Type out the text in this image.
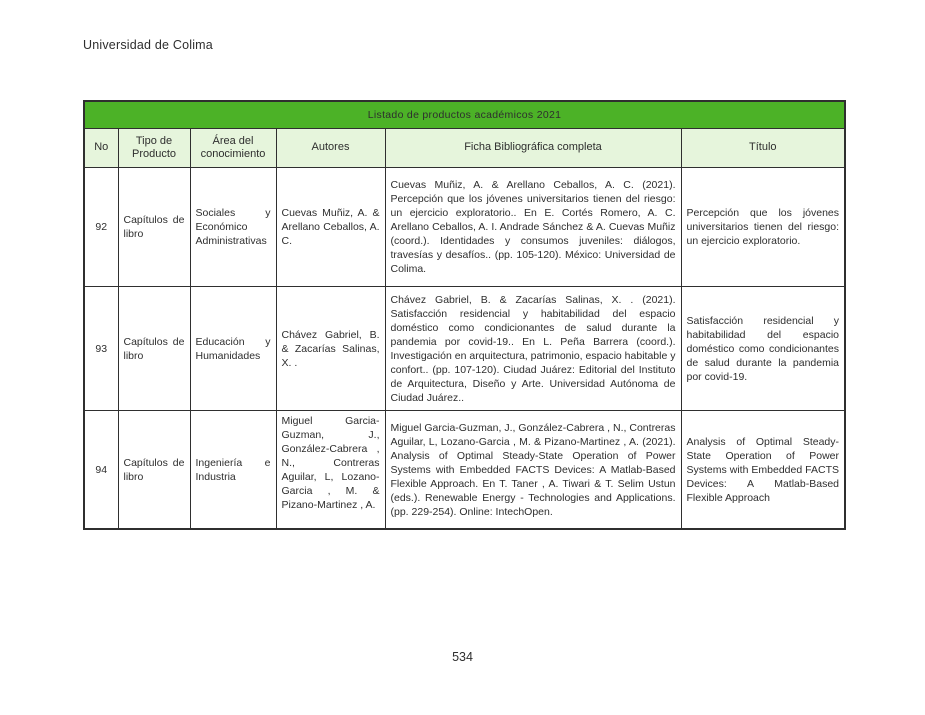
Universidad de Colima
Listado de productos académicos 2021					
No	Tipo de Producto	Área del conocimiento	Autores	Ficha Bibliográfica completa	Título
92	Capítulos de libro	Sociales y Económico Administrativas	Cuevas Muñiz, A. & Arellano Ceballos, A. C.	Cuevas Muñiz, A. & Arellano Ceballos, A. C. (2021). Percepción que los jóvenes universitarios tienen del riesgo: un ejercicio exploratorio.. En E. Cortés Romero, A. C. Arellano Ceballos, A. I. Andrade Sánchez & A. Cuevas Muñiz (coord.). Identidades y consumos juveniles: diálogos, travesías y desafíos.. (pp. 105-120). México: Universidad de Colima.	Percepción que los jóvenes universitarios tienen del riesgo: un ejercicio exploratorio.
93	Capítulos de libro	Educación y Humanidades	Chávez Gabriel, B. & Zacarías Salinas, X. .	Chávez Gabriel, B. & Zacarías Salinas, X. . (2021). Satisfacción residencial y habitabilidad del espacio doméstico como condicionantes de salud durante la pandemia por covid-19.. En L. Peña Barrera (coord.). Investigación en arquitectura, patrimonio, espacio habitable y confort.. (pp. 107-120). Ciudad Juárez: Editorial del Instituto de Arquitectura, Diseño y Arte. Universidad Autónoma de Ciudad Juárez..	Satisfacción residencial y habitabilidad del espacio doméstico como condicionantes de salud durante la pandemia por covid-19.
94	Capítulos de libro	Ingeniería e Industria	Miguel Garcia-Guzman, J., González-Cabrera , N., Contreras Aguilar, L, Lozano-Garcia , M. & Pizano-Martinez , A.	Miguel Garcia-Guzman, J., González-Cabrera , N., Contreras Aguilar, L, Lozano-Garcia , M. & Pizano-Martinez , A. (2021). Analysis of Optimal Steady-State Operation of Power Systems with Embedded FACTS Devices: A Matlab-Based Flexible Approach. En T. Taner , A. Tiwari & T. Selim Ustun (eds.). Renewable Energy - Technologies and Applications. (pp. 229-254). Online: IntechOpen.	Analysis of Optimal Steady-State Operation of Power Systems with Embedded FACTS Devices: A Matlab-Based Flexible Approach
534
